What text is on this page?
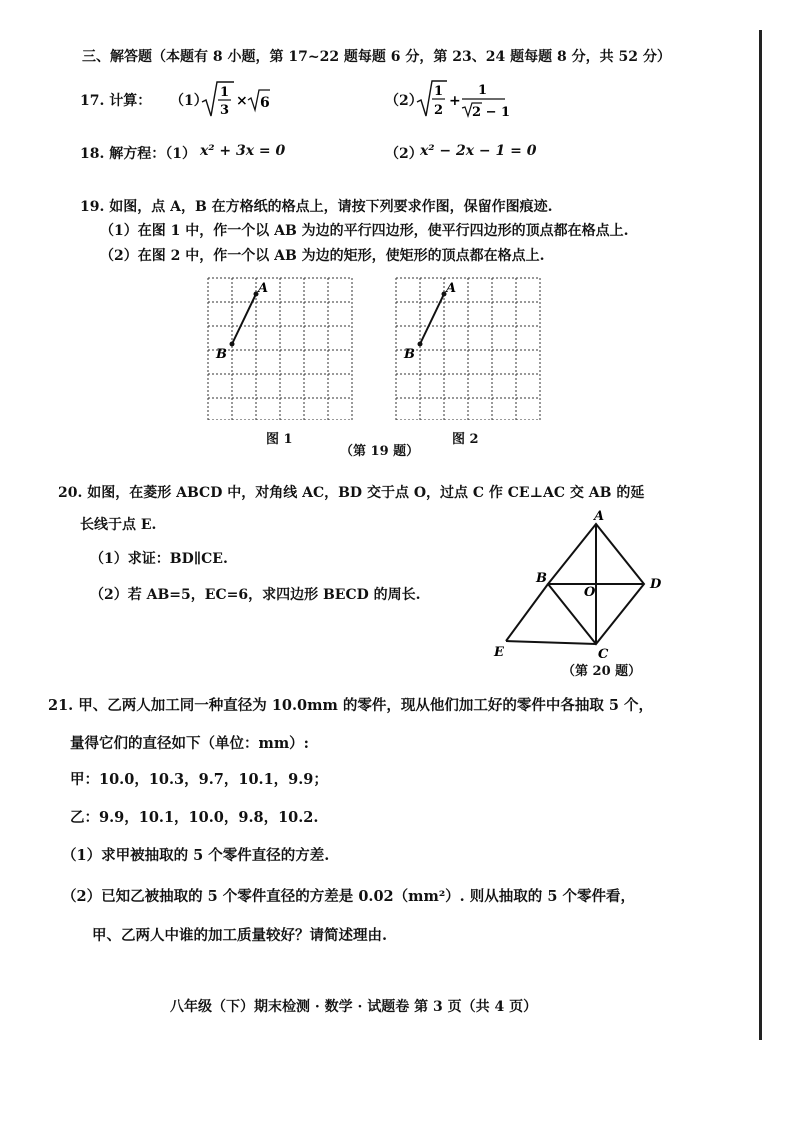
三、解答题（本题有 8 小题，第 17~22 题每题 6 分，第 23、24 题每题 8 分，共 52 分）
17. 计算： （1）
1
3
× 6	（2）
1
2
+
1
2 − 1
18. 解方程：（1） x² + 3x = 0	（2）
x² − 2x − 1 = 0
19. 如图，点 A，B 在方格纸的格点上，请按下列要求作图，保留作图痕迹.
（1）在图 1 中，作一个以 AB 为边的平行四边形，使平行四边形的顶点都在格点上.
（2）在图 2 中，作一个以 AB 为边的矩形，使矩形的顶点都在格点上.
A
B
A
B
图 1	图 2
（第 19 题）
20. 如图，在菱形 ABCD 中，对角线 AC，BD 交于点 O，过点 C 作 CE⊥AC 交 AB 的延
长线于点 E.
（1）求证：BD∥CE.
（2）若 AB=5，EC=6，求四边形 BECD 的周长.
A
B	D
O
C
E
（第 20 题）
21. 甲、乙两人加工同一种直径为 10.0mm 的零件，现从他们加工好的零件中各抽取 5 个，
量得它们的直径如下（单位：mm）:
甲：10.0，10.3，9.7，10.1，9.9；
乙：9.9，10.1，10.0，9.8，10.2.
（1）求甲被抽取的 5 个零件直径的方差.
（2）已知乙被抽取的 5 个零件直径的方差是 0.02（mm²）. 则从抽取的 5 个零件看，
甲、乙两人中谁的加工质量较好？请简述理由.
八年级（下）期末检测 · 数学 · 试题卷 第 3 页（共 4 页）
